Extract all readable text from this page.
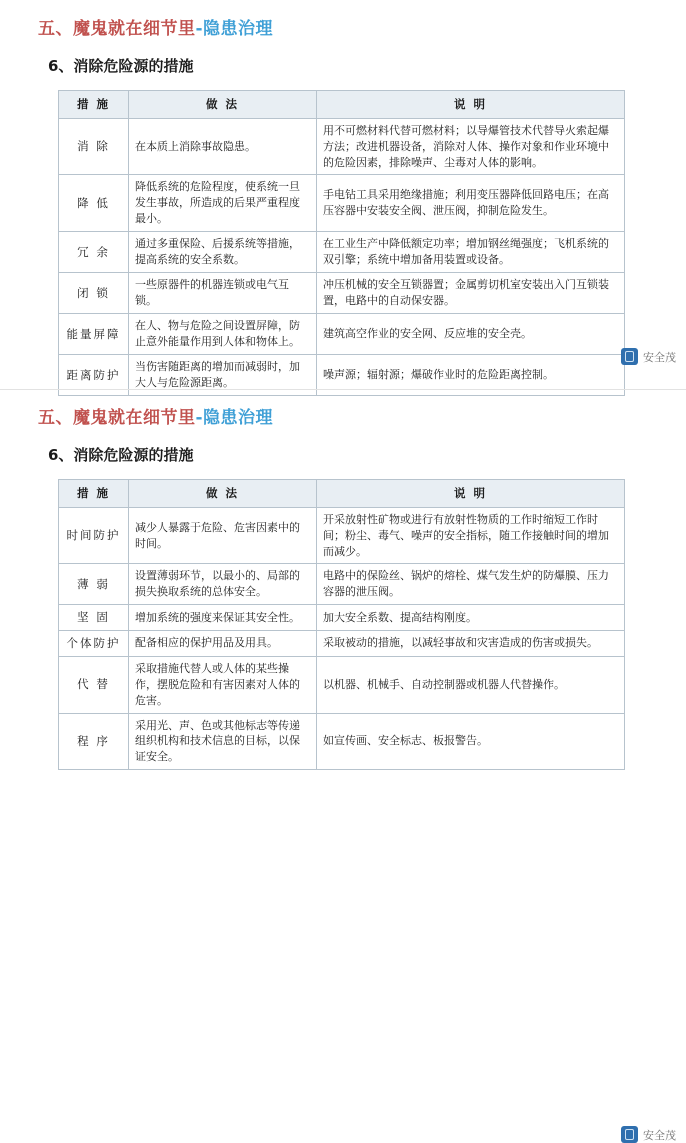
五、魔鬼就在细节里-隐患治理
6、消除危险源的措施
措 施	做 法	说 明
消 除	在本质上消除事故隐患。	用不可燃材料代替可燃材料；以导爆管技术代替导火索起爆方法；改进机器设备，消除对人体、操作对象和作业环境中的危险因素，排除噪声、尘毒对人体的影响。
降 低	降低系统的危险程度，使系统一旦发生事故，所造成的后果严重程度最小。	手电钻工具采用绝缘措施；利用变压器降低回路电压；在高压容器中安装安全阀、泄压阀，抑制危险发生。
冗 余	通过多重保险、后援系统等措施，提高系统的安全系数。	在工业生产中降低额定功率；增加钢丝绳强度；飞机系统的双引擎；系统中增加备用装置或设备。
闭 锁	一些原器件的机器连锁或电气互锁。	冲压机械的安全互锁器置；金属剪切机室安装出入门互锁装置，电路中的自动保安器。
能量屏障	在人、物与危险之间设置屏障，防止意外能量作用到人体和物体上。	建筑高空作业的安全网、反应堆的安全壳。
距离防护	当伤害随距离的增加而减弱时，加大人与危险源距离。	噪声源；辐射源；爆破作业时的危险距离控制。
安全茂
五、魔鬼就在细节里-隐患治理
6、消除危险源的措施
措 施	做 法	说 明
时间防护	减少人暴露于危险、危害因素中的时间。	开采放射性矿物或进行有放射性物质的工作时缩短工作时间；粉尘、毒气、噪声的安全指标，随工作接触时间的增加而减少。
薄 弱	设置薄弱环节，以最小的、局部的损失换取系统的总体安全。	电路中的保险丝、锅炉的熔栓、煤气发生炉的防爆膜、压力容器的泄压阀。
坚 固	增加系统的强度来保证其安全性。	加大安全系数、提高结构刚度。
个体防护	配备相应的保护用品及用具。	采取被动的措施，以减轻事故和灾害造成的伤害或损失。
代 替	采取措施代替人或人体的某些操作，摆脱危险和有害因素对人体的危害。	以机器、机械手、自动控制器或机器人代替操作。
程 序	采用光、声、色或其他标志等传递组织机构和技术信息的目标，以保证安全。	如宣传画、安全标志、板报警告。
安全茂
